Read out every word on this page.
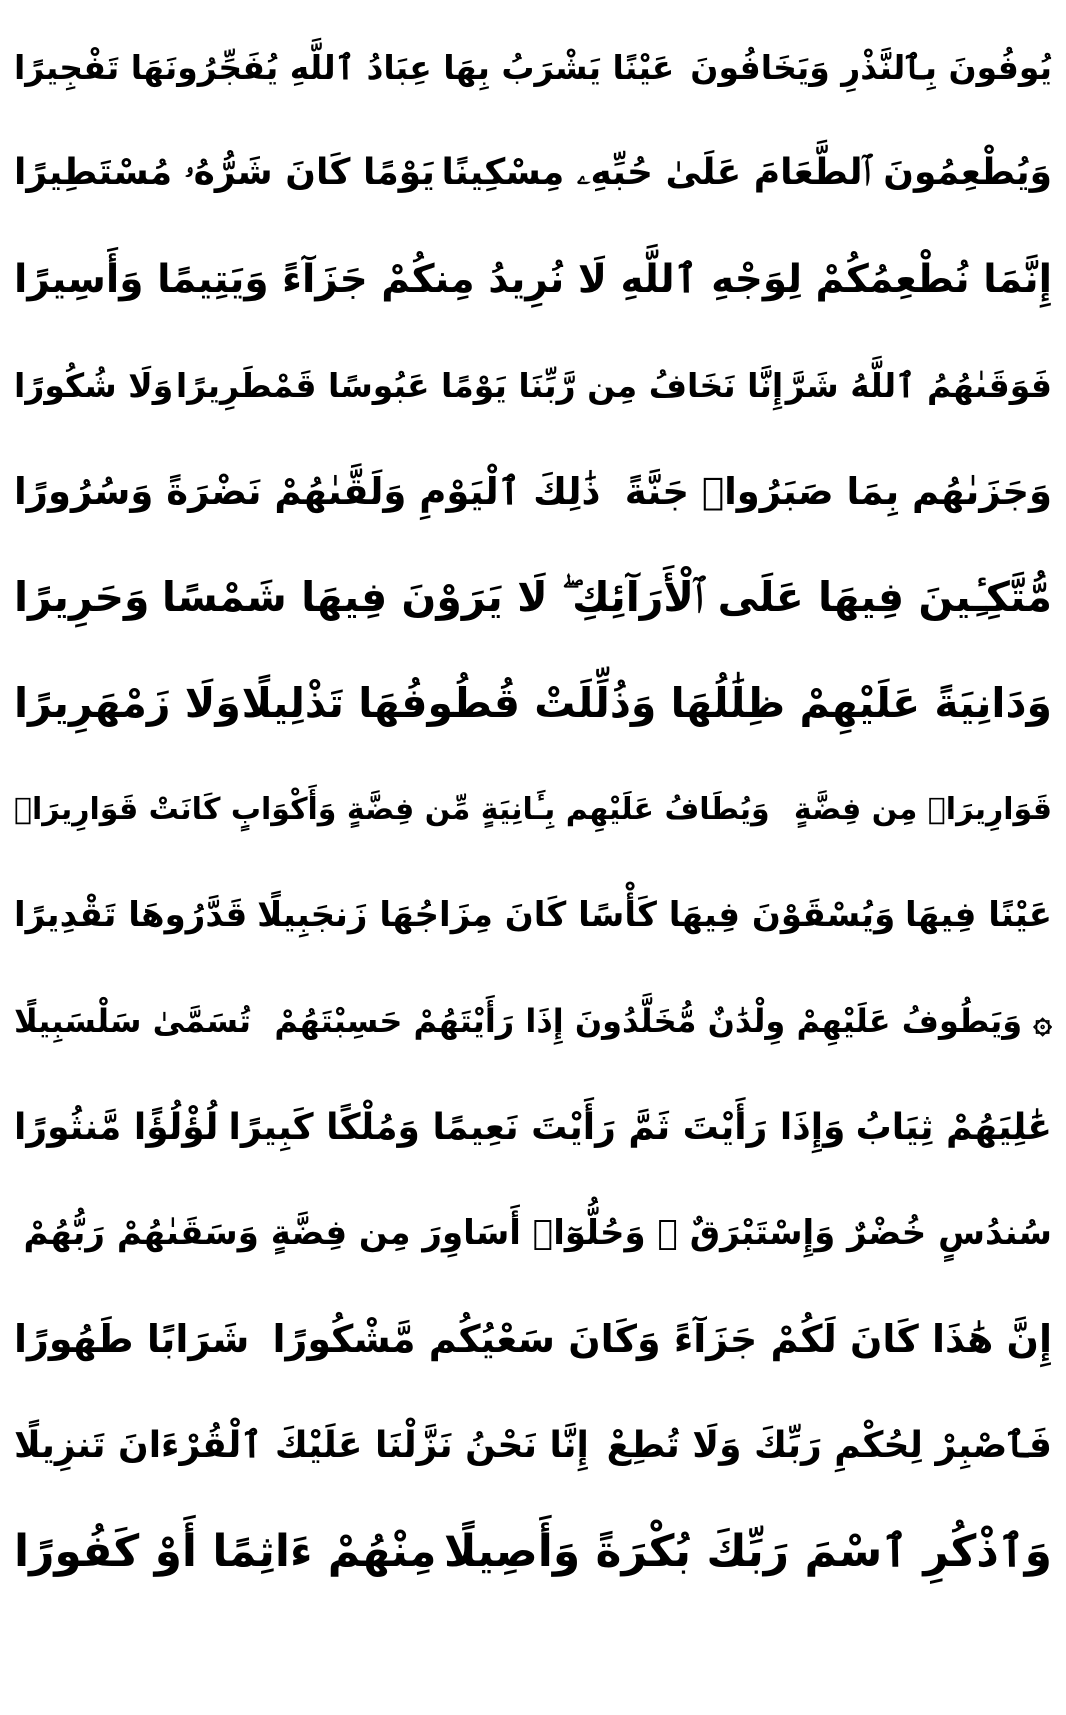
يُوفُونَ بِٱلنَّذْرِ وَيَخَافُونَ
عَيْنًا يَشْرَبُ بِهَا عِبَادُ ٱللَّهِ يُفَجِّرُونَهَا تَفْجِيرًا
وَيُطْعِمُونَ ٱلطَّعَامَ عَلَىٰ حُبِّهِۦ مِسْكِينًا
يَوْمًا كَانَ شَرُّهُۥ مُسْتَطِيرًا
إِنَّمَا نُطْعِمُكُمْ لِوَجْهِ ٱللَّهِ لَا نُرِيدُ مِنكُمْ جَزَآءً
وَيَتِيمًا وَأَسِيرًا
فَوَقَىٰهُمُ ٱللَّهُ شَرَّ
إِنَّا نَخَافُ مِن رَّبِّنَا يَوْمًا عَبُوسًا قَمْطَرِيرًا
وَلَا شُكُورًا
وَجَزَىٰهُم بِمَا صَبَرُوا۟ جَنَّةً
ذَٰلِكَ ٱلْيَوْمِ وَلَقَّىٰهُمْ نَضْرَةً وَسُرُورًا
مُّتَّكِـِٔينَ فِيهَا عَلَى ٱلْأَرَآئِكِ ۖ لَا يَرَوْنَ فِيهَا شَمْسًا
وَحَرِيرًا
وَدَانِيَةً عَلَيْهِمْ ظِلَٰلُهَا وَذُلِّلَتْ قُطُوفُهَا تَذْلِيلًا
وَلَا زَمْهَرِيرًا
قَوَارِيرَا۟ مِن فِضَّةٍ
وَيُطَافُ عَلَيْهِم بِـَٔانِيَةٍ مِّن فِضَّةٍ وَأَكْوَابٍ كَانَتْ قَوَارِيرَا۟
عَيْنًا فِيهَا
وَيُسْقَوْنَ فِيهَا كَأْسًا كَانَ مِزَاجُهَا زَنجَبِيلًا
قَدَّرُوهَا تَقْدِيرًا
۞ وَيَطُوفُ عَلَيْهِمْ وِلْدَٰنٌ مُّخَلَّدُونَ إِذَا رَأَيْتَهُمْ حَسِبْتَهُمْ
تُسَمَّىٰ سَلْسَبِيلًا
عَٰلِيَهُمْ ثِيَابُ
وَإِذَا رَأَيْتَ ثَمَّ رَأَيْتَ نَعِيمًا وَمُلْكًا كَبِيرًا
لُؤْلُؤًا مَّنثُورًا
سُندُسٍ خُضْرٌ وَإِسْتَبْرَقٌ ۖ وَحُلُّوٓا۟ أَسَاوِرَ مِن فِضَّةٍ وَسَقَىٰهُمْ رَبُّهُمْ
إِنَّ هَٰذَا كَانَ لَكُمْ جَزَآءً وَكَانَ سَعْيُكُم مَّشْكُورًا
شَرَابًا طَهُورًا
فَٱصْبِرْ لِحُكْمِ رَبِّكَ وَلَا تُطِعْ
إِنَّا نَحْنُ نَزَّلْنَا عَلَيْكَ ٱلْقُرْءَانَ تَنزِيلًا
وَٱذْكُرِ ٱسْمَ رَبِّكَ بُكْرَةً وَأَصِيلًا
مِنْهُمْ ءَاثِمًا أَوْ كَفُورًا
